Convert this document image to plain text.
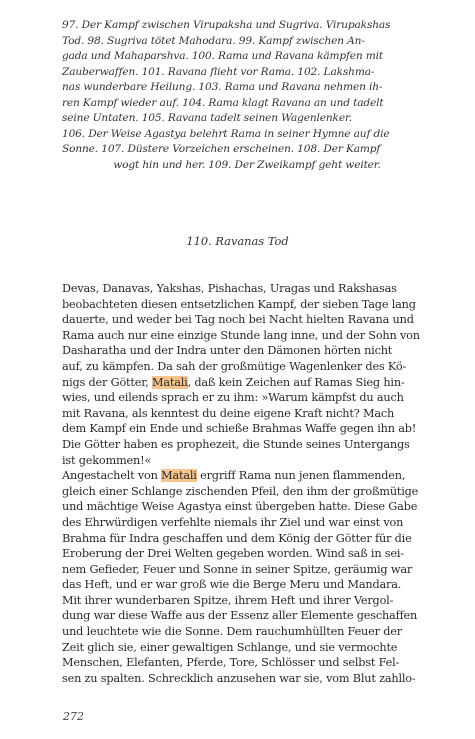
97. Der Kampf zwischen Virupaksha und Sugriva. Virupakshas
Tod. 98. Sugriva tötet Mahodara. 99. Kampf zwischen An-
gada und Mahaparshva. 100. Rama und Ravana kämpfen mit
Zauberwaffen. 101. Ravana flieht vor Rama. 102. Lakshma-
nas wunderbare Heilung. 103. Rama und Ravana nehmen ih-
ren Kampf wieder auf. 104. Rama klagt Ravana an und tadelt
seine Untaten. 105. Ravana tadelt seinen Wagenlenker.
106. Der Weise Agastya belehrt Rama in seiner Hymne auf die
Sonne. 107. Düstere Vorzeichen erscheinen. 108. Der Kampf
wogt hin und her. 109. Der Zweikampf geht weiter.
110. Ravanas Tod
Devas, Danavas, Yakshas, Pishachas, Uragas und Rakshasas
beobachteten diesen entsetzlichen Kampf, der sieben Tage lang
dauerte, und weder bei Tag noch bei Nacht hielten Ravana und
Rama auch nur eine einzige Stunde lang inne, und der Sohn von
Dasharatha und der Indra unter den Dämonen hörten nicht
auf, zu kämpfen. Da sah der großmütige Wagenlenker des Kö-
nigs der Götter, Matali, daß kein Zeichen auf Ramas Sieg hin-
wies, und eilends sprach er zu ihm: »Warum kämpfst du auch
mit Ravana, als kenntest du deine eigene Kraft nicht? Mach
dem Kampf ein Ende und schieße Brahmas Waffe gegen ihn ab!
Die Götter haben es prophezeit, die Stunde seines Untergangs
ist gekommen!«
Angestachelt von Matali ergriff Rama nun jenen flammenden,
gleich einer Schlange zischenden Pfeil, den ihm der großmütige
und mächtige Weise Agastya einst übergeben hatte. Diese Gabe
des Ehrwürdigen verfehlte niemals ihr Ziel und war einst von
Brahma für Indra geschaffen und dem König der Götter für die
Eroberung der Drei Welten gegeben worden. Wind saß in sei-
nem Gefieder, Feuer und Sonne in seiner Spitze, geräumig war
das Heft, und er war groß wie die Berge Meru und Mandara.
Mit ihrer wunderbaren Spitze, ihrem Heft und ihrer Vergol-
dung war diese Waffe aus der Essenz aller Elemente geschaffen
und leuchtete wie die Sonne. Dem rauchumhüllten Feuer der
Zeit glich sie, einer gewaltigen Schlange, und sie vermochte
Menschen, Elefanten, Pferde, Tore, Schlösser und selbst Fel-
sen zu spalten. Schrecklich anzusehen war sie, vom Blut zahllo-
272
